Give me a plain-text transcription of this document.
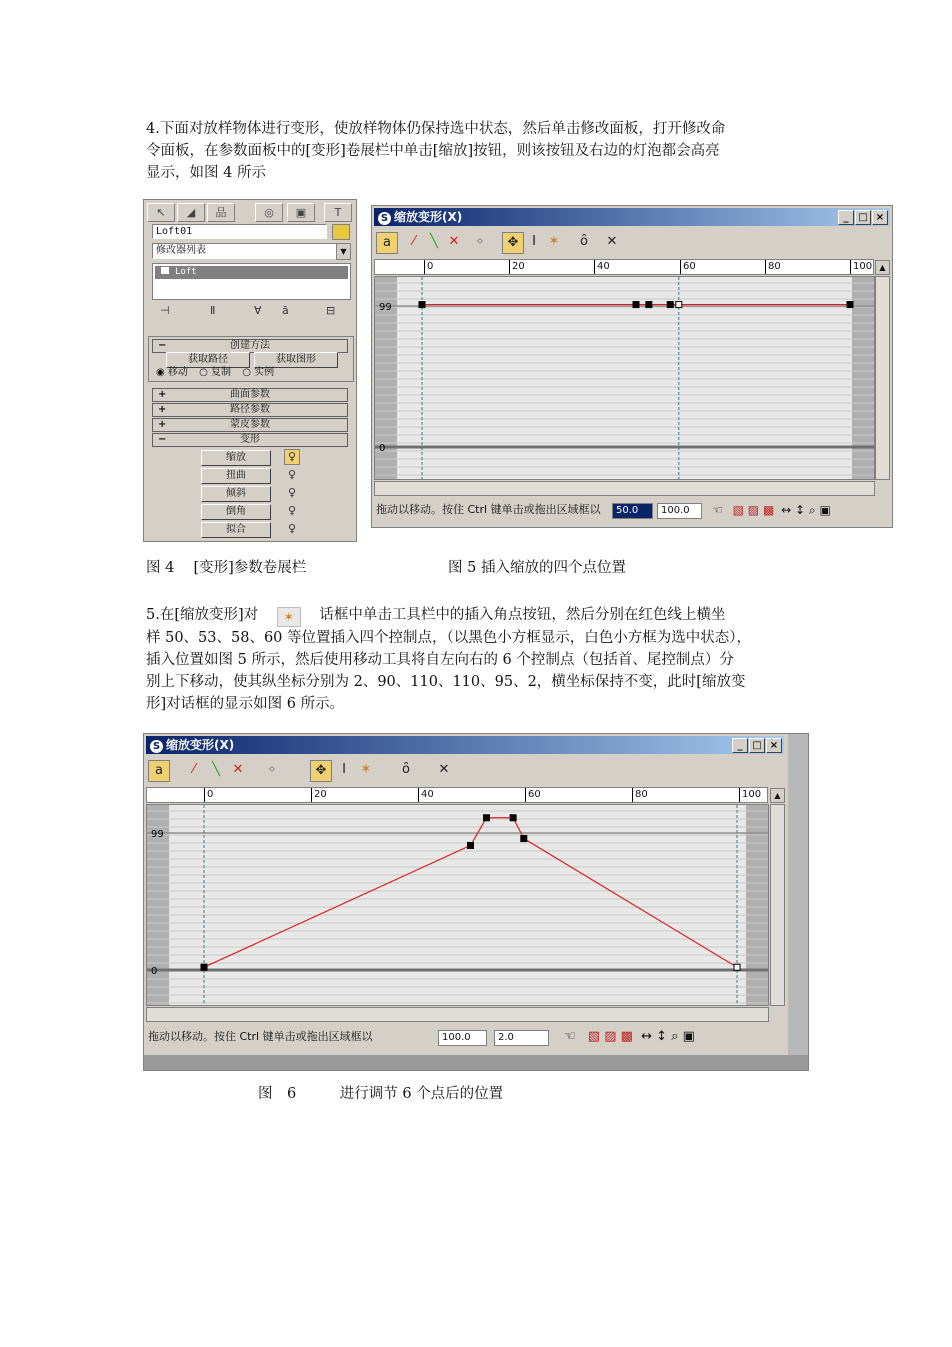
4.下面对放样物体进行变形，使放样物体仍保持选中状态，然后单击修改面板，打开修改命
令面板，在参数面板中的[变形]卷展栏中单击[缩放]按钮，则该按钮及右边的灯泡都会高亮
显示，如图 4 所示
↖	◢	品	◎	▣	T
Loft01
修改器列表	▼
Loft
⊣	Ⅱ	∀ ā	⊟
−	创建方法
获取路径	获取图形
◉ 移动 ○ 复制 ○ 实例
+	曲面参数
+	路径参数
+	蒙皮参数
−	变形
缩放	♀
扭曲	♀
倾斜	♀
倒角	♀
拟合	♀
S 缩放变形(X)	_ □ ×
a	⁄	╲ ✕	⋄	✥	I ✶	ȏ	✕
0	20	40	60	80	100 ▲
99
0
拖动以移动。按住 Ctrl 键单击或拖出区域框以	50.0	100.0	☜ ▧ ▨ ▩ ↔ ↕ ⌕ ▣
图 4　 [变形]参数卷展栏	图 5 插入缩放的四个点位置
5.在[缩放变形]对 ✶ 话框中单击工具栏中的插入角点按钮，然后分别在红色线上横坐
样 50、53、58、60 等位置插入四个控制点，（以黑色小方框显示，白色小方框为选中状态），
插入位置如图 5 所示，然后使用移动工具将自左向右的 6 个控制点（包括首、尾控制点）分
别上下移动，使其纵坐标分别为 2、90、110、110、95、2，横坐标保持不变，此时[缩放变
形]对话框的显示如图 6 所示。
S 缩放变形(X)	_ □ ×
a	⁄	╲ ✕	⋄	✥	I	✶	ȏ	✕
0	20	40	60	80	100	▲
99
0
拖动以移动。按住 Ctrl 键单击或拖出区域框以	100.0	2.0	☜ ▧ ▨ ▩ ↔ ↕ ⌕ ▣
图　6　　　进行调节 6 个点后的位置
